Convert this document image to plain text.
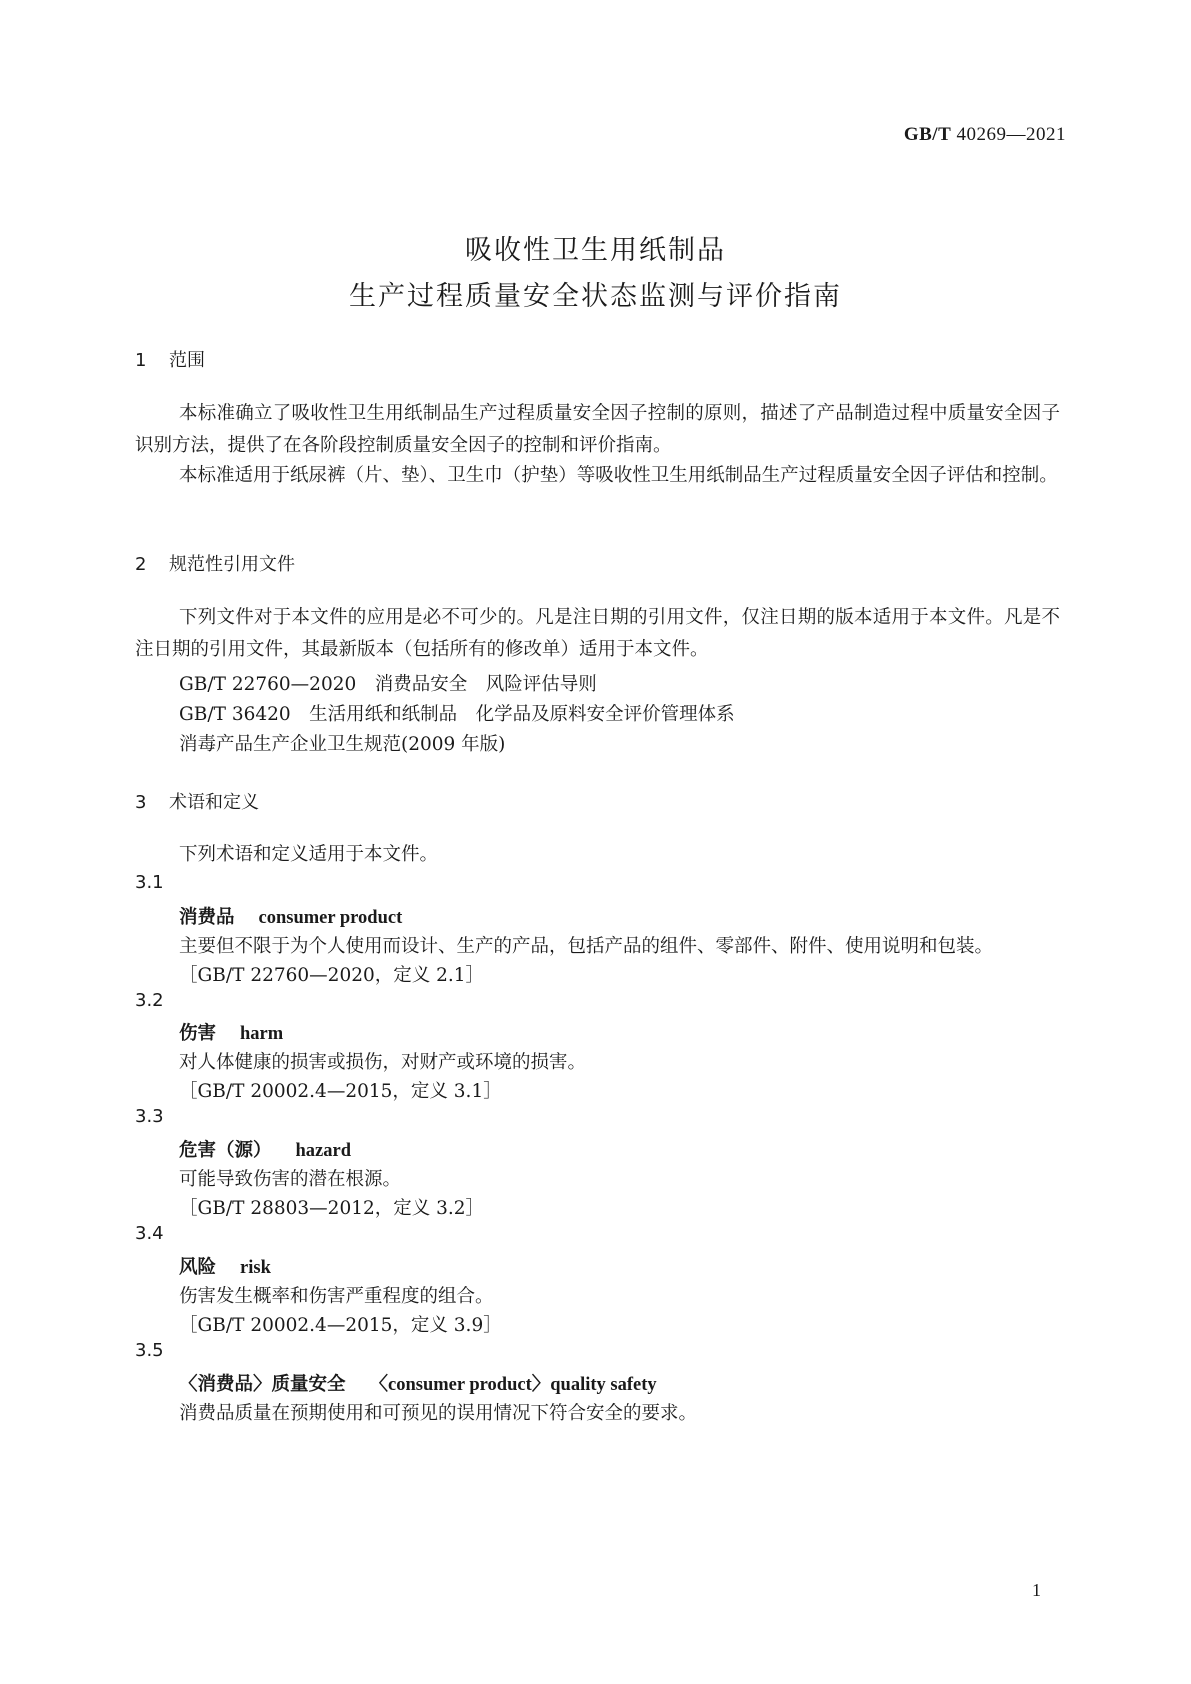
GB/T 40269—2021
吸收性卫生用纸制品
生产过程质量安全状态监测与评价指南
1 范围
本标准确立了吸收性卫生用纸制品生产过程质量安全因子控制的原则，描述了产品制造过程中质量安全因子识别方法，提供了在各阶段控制质量安全因子的控制和评价指南。
本标准适用于纸尿裤（片、垫）、卫生巾（护垫）等吸收性卫生用纸制品生产过程质量安全因子评估和控制。
2 规范性引用文件
下列文件对于本文件的应用是必不可少的。凡是注日期的引用文件，仅注日期的版本适用于本文件。凡是不注日期的引用文件，其最新版本（包括所有的修改单）适用于本文件。
GB/T 22760—2020　消费品安全　风险评估导则
GB/T 36420　生活用纸和纸制品　化学品及原料安全评价管理体系
消毒产品生产企业卫生规范(2009 年版)
3 术语和定义
下列术语和定义适用于本文件。
3.1
消费品 consumer product
主要但不限于为个人使用而设计、生产的产品，包括产品的组件、零部件、附件、使用说明和包装。
［GB/T 22760—2020，定义 2.1］
3.2
伤害 harm
对人体健康的损害或损伤，对财产或环境的损害。
［GB/T 20002.4—2015，定义 3.1］
3.3
危害（源） hazard
可能导致伤害的潜在根源。
［GB/T 28803—2012，定义 3.2］
3.4
风险 risk
伤害发生概率和伤害严重程度的组合。
［GB/T 20002.4—2015，定义 3.9］
3.5
〈消费品〉质量安全 〈consumer product〉quality safety
消费品质量在预期使用和可预见的误用情况下符合安全的要求。
1
